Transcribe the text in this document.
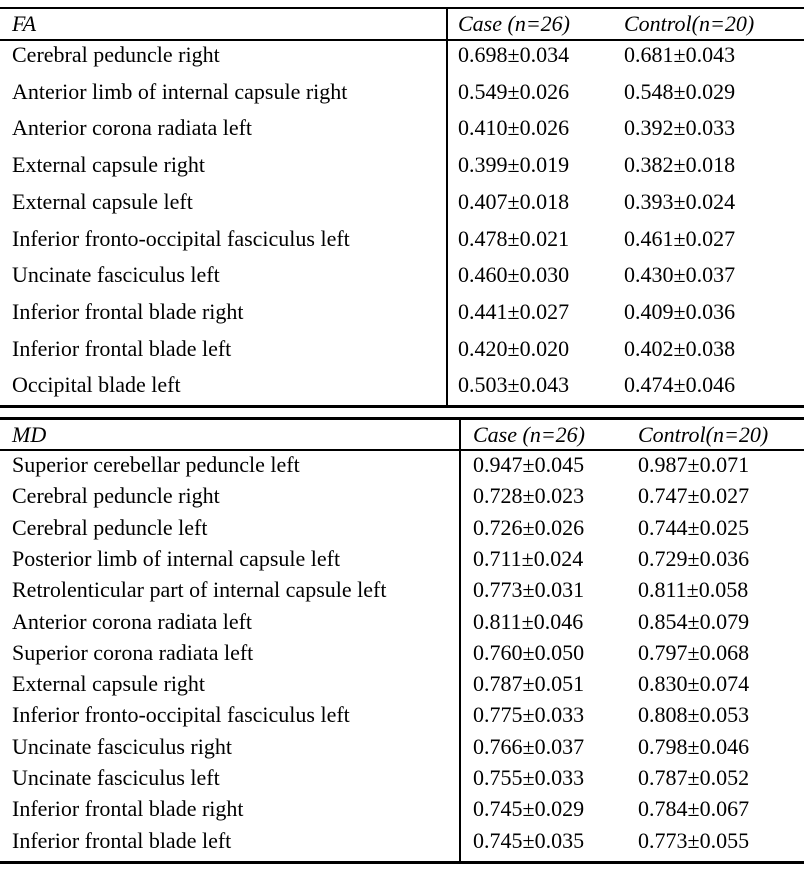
FA	Case (n=26) Control(n=20)
Cerebral peduncle right	0.698±0.034 0.681±0.043
Anterior limb of internal capsule right	0.549±0.026 0.548±0.029
Anterior corona radiata left	0.410±0.026 0.392±0.033
External capsule right	0.399±0.019 0.382±0.018
External capsule left	0.407±0.018 0.393±0.024
Inferior fronto-occipital fasciculus left	0.478±0.021 0.461±0.027
Uncinate fasciculus left	0.460±0.030 0.430±0.037
Inferior frontal blade right	0.441±0.027 0.409±0.036
Inferior frontal blade left	0.420±0.020 0.402±0.038
Occipital blade left	0.503±0.043 0.474±0.046
MD	Case (n=26) Control(n=20)
Superior cerebellar peduncle left	0.947±0.045 0.987±0.071
Cerebral peduncle right	0.728±0.023 0.747±0.027
Cerebral peduncle left	0.726±0.026 0.744±0.025
Posterior limb of internal capsule left	0.711±0.024 0.729±0.036
Retrolenticular part of internal capsule left	0.773±0.031 0.811±0.058
Anterior corona radiata left	0.811±0.046 0.854±0.079
Superior corona radiata left	0.760±0.050 0.797±0.068
External capsule right	0.787±0.051 0.830±0.074
Inferior fronto-occipital fasciculus left	0.775±0.033 0.808±0.053
Uncinate fasciculus right	0.766±0.037 0.798±0.046
Uncinate fasciculus left	0.755±0.033 0.787±0.052
Inferior frontal blade right	0.745±0.029 0.784±0.067
Inferior frontal blade left	0.745±0.035 0.773±0.055
